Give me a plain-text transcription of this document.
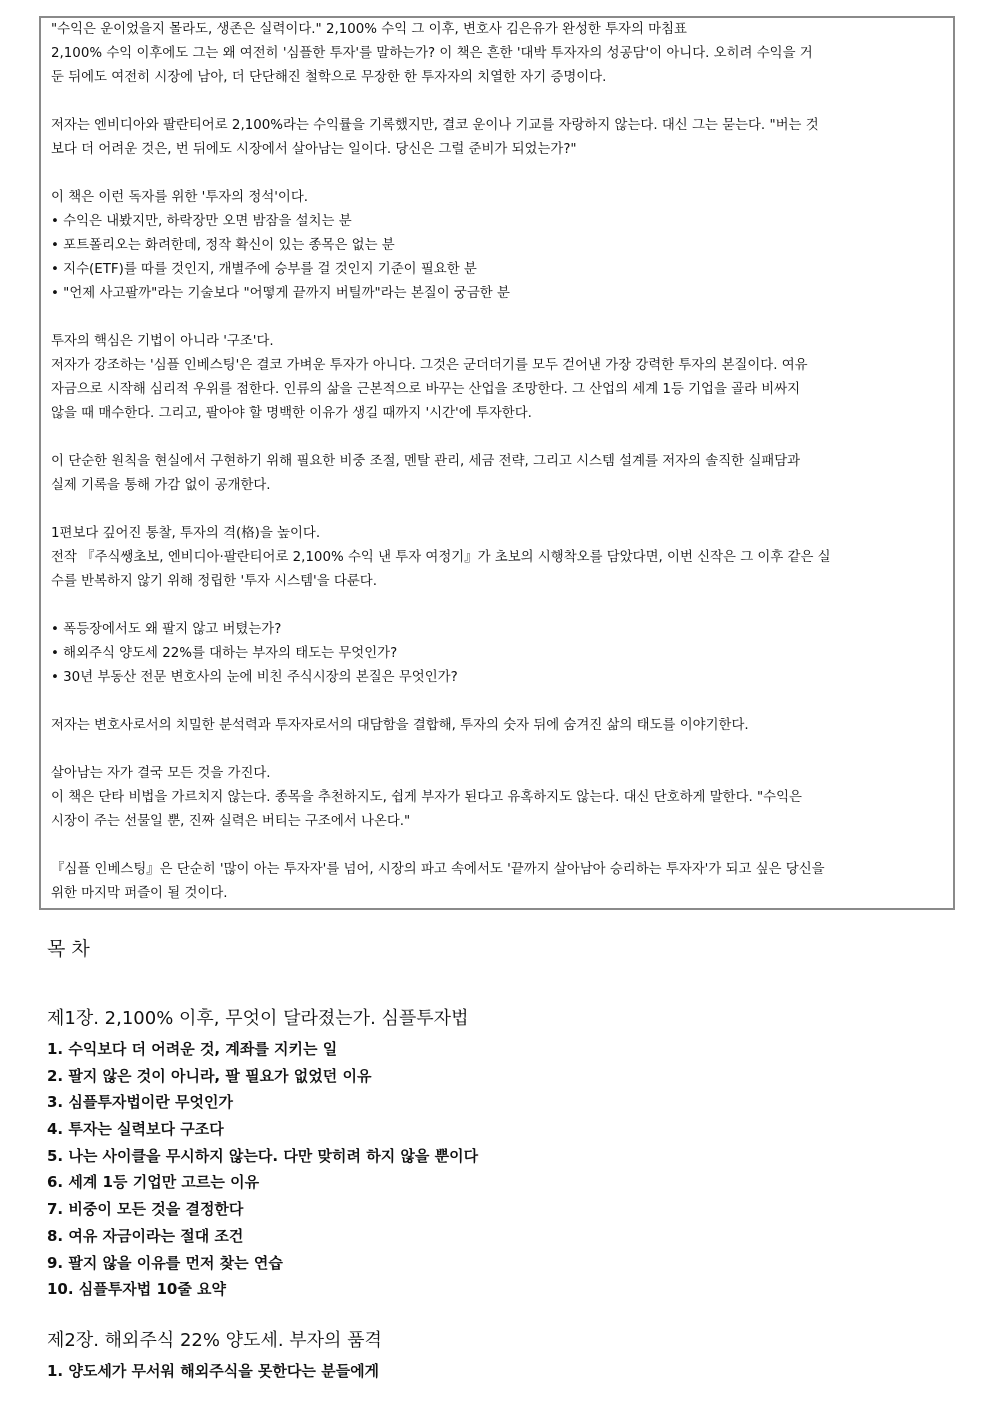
"수익은 운이었을지 몰라도, 생존은 실력이다." 2,100% 수익 그 이후, 변호사 김은유가 완성한 투자의 마침표
2,100% 수익 이후에도 그는 왜 여전히 '심플한 투자'를 말하는가? 이 책은 흔한 '대박 투자자의 성공담'이 아니다. 오히려 수익을 거
둔 뒤에도 여전히 시장에 남아, 더 단단해진 철학으로 무장한 한 투자자의 치열한 자기 증명이다.
저자는 엔비디아와 팔란티어로 2,100%라는 수익률을 기록했지만, 결코 운이나 기교를 자랑하지 않는다. 대신 그는 묻는다. "버는 것
보다 더 어려운 것은, 번 뒤에도 시장에서 살아남는 일이다. 당신은 그럴 준비가 되었는가?"
이 책은 이런 독자를 위한 '투자의 정석'이다.
• 수익은 내봤지만, 하락장만 오면 밤잠을 설치는 분
• 포트폴리오는 화려한데, 정작 확신이 있는 종목은 없는 분
• 지수(ETF)를 따를 것인지, 개별주에 승부를 걸 것인지 기준이 필요한 분
• "언제 사고팔까"라는 기술보다 "어떻게 끝까지 버틸까"라는 본질이 궁금한 분
투자의 핵심은 기법이 아니라 '구조'다.
저자가 강조하는 '심플 인베스팅'은 결코 가벼운 투자가 아니다. 그것은 군더더기를 모두 걷어낸 가장 강력한 투자의 본질이다. 여유
자금으로 시작해 심리적 우위를 점한다. 인류의 삶을 근본적으로 바꾸는 산업을 조망한다. 그 산업의 세계 1등 기업을 골라 비싸지
않을 때 매수한다. 그리고, 팔아야 할 명백한 이유가 생길 때까지 '시간'에 투자한다.
이 단순한 원칙을 현실에서 구현하기 위해 필요한 비중 조절, 멘탈 관리, 세금 전략, 그리고 시스템 설계를 저자의 솔직한 실패담과
실제 기록을 통해 가감 없이 공개한다.
1편보다 깊어진 통찰, 투자의 격(格)을 높이다.
전작 『주식쌩초보, 엔비디아·팔란티어로 2,100% 수익 낸 투자 여정기』가 초보의 시행착오를 담았다면, 이번 신작은 그 이후 같은 실
수를 반복하지 않기 위해 정립한 '투자 시스템'을 다룬다.
• 폭등장에서도 왜 팔지 않고 버텼는가?
• 해외주식 양도세 22%를 대하는 부자의 태도는 무엇인가?
• 30년 부동산 전문 변호사의 눈에 비친 주식시장의 본질은 무엇인가?
저자는 변호사로서의 치밀한 분석력과 투자자로서의 대담함을 결합해, 투자의 숫자 뒤에 숨겨진 삶의 태도를 이야기한다.
살아남는 자가 결국 모든 것을 가진다.
이 책은 단타 비법을 가르치지 않는다. 종목을 추천하지도, 쉽게 부자가 된다고 유혹하지도 않는다. 대신 단호하게 말한다. "수익은
시장이 주는 선물일 뿐, 진짜 실력은 버티는 구조에서 나온다."
『심플 인베스팅』은 단순히 '많이 아는 투자자'를 넘어, 시장의 파고 속에서도 '끝까지 살아남아 승리하는 투자자'가 되고 싶은 당신을
위한 마지막 퍼즐이 될 것이다.
목 차
제1장. 2,100% 이후, 무엇이 달라졌는가. 심플투자법
1. 수익보다 더 어려운 것, 계좌를 지키는 일
2. 팔지 않은 것이 아니라, 팔 필요가 없었던 이유
3. 심플투자법이란 무엇인가
4. 투자는 실력보다 구조다
5. 나는 사이클을 무시하지 않는다. 다만 맞히려 하지 않을 뿐이다
6. 세계 1등 기업만 고르는 이유
7. 비중이 모든 것을 결정한다
8. 여유 자금이라는 절대 조건
9. 팔지 않을 이유를 먼저 찾는 연습
10. 심플투자법 10줄 요약
제2장. 해외주식 22% 양도세. 부자의 품격
1. 양도세가 무서워 해외주식을 못한다는 분들에게
